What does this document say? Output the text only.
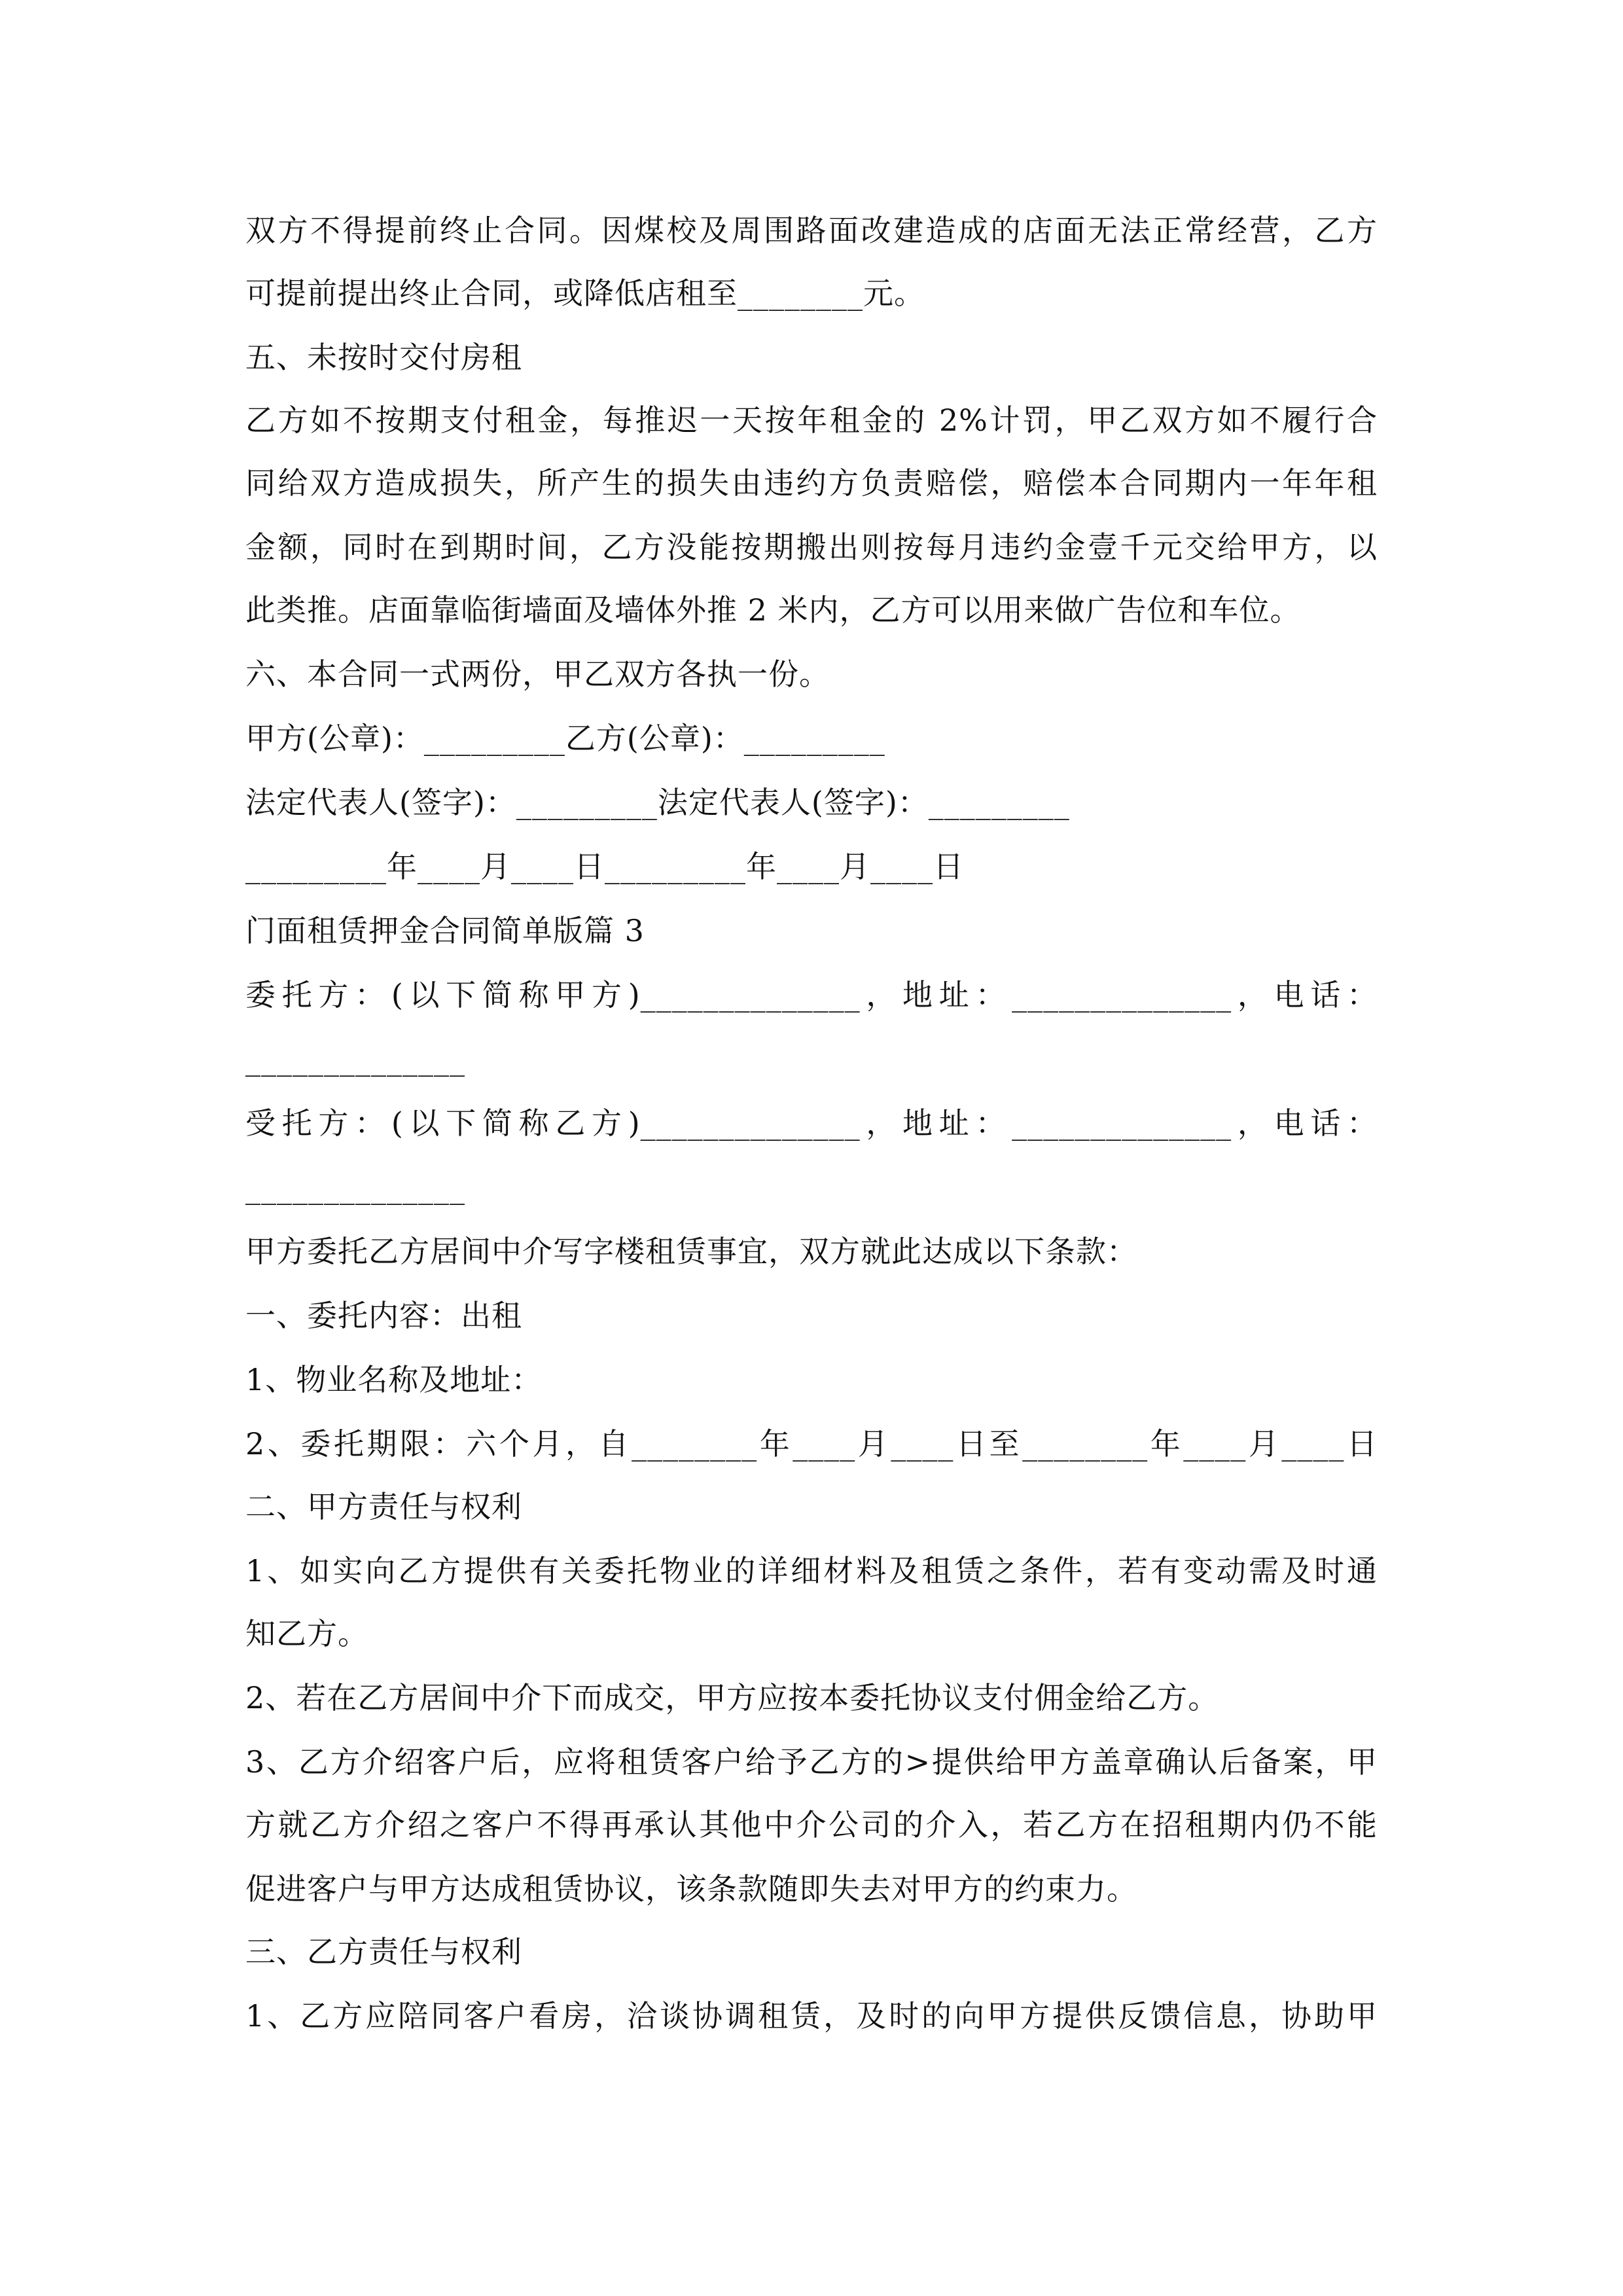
双方不得提前终止合同。因煤校及周围路面改建造成的店面无法正常经营，乙方
可提前提出终止合同，或降低店租至________元。
五、未按时交付房租
乙方如不按期支付租金，每推迟一天按年租金的 2%计罚，甲乙双方如不履行合
同给双方造成损失，所产生的损失由违约方负责赔偿，赔偿本合同期内一年年租
金额，同时在到期时间，乙方没能按期搬出则按每月违约金壹千元交给甲方，以
此类推。店面靠临街墙面及墙体外推 2 米内，乙方可以用来做广告位和车位。
六、本合同一式两份，甲乙双方各执一份。
甲方(公章)：_________乙方(公章)：_________
法定代表人(签字)：_________法定代表人(签字)：_________
_________年____月____日_________年____月____日
门面租赁押金合同简单版篇 3
委托方：(以下简称甲方)______________，地址：______________，电话：
______________
受托方：(以下简称乙方)______________，地址：______________，电话：
______________
甲方委托乙方居间中介写字楼租赁事宜，双方就此达成以下条款：
一、委托内容：出租
1、物业名称及地址：
2、委托期限：六个月，自________年____月____日至________年____月____日
二、甲方责任与权利
1、如实向乙方提供有关委托物业的详细材料及租赁之条件，若有变动需及时通
知乙方。
2、若在乙方居间中介下而成交，甲方应按本委托协议支付佣金给乙方。
3、乙方介绍客户后，应将租赁客户给予乙方的>提供给甲方盖章确认后备案，甲
方就乙方介绍之客户不得再承认其他中介公司的介入，若乙方在招租期内仍不能
促进客户与甲方达成租赁协议，该条款随即失去对甲方的约束力。
三、乙方责任与权利
1、乙方应陪同客户看房，洽谈协调租赁，及时的向甲方提供反馈信息，协助甲
